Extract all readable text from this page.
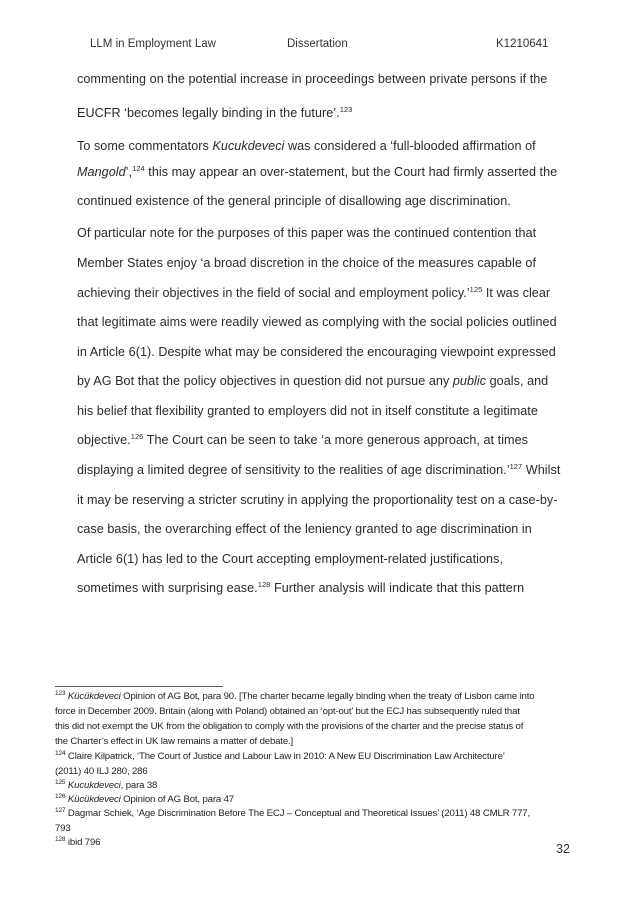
LLM in Employment Law	Dissertation	K1210641
commenting on the potential increase in proceedings between private persons if the
EUCFR ‘becomes legally binding in the future’.$^{123}$
To some commentators Kucukdeveci was considered a ‘full-blooded affirmation of
Mangold’,$^{124}$ this may appear an over-statement, but the Court had firmly asserted the
continued existence of the general principle of disallowing age discrimination.
Of particular note for the purposes of this paper was the continued contention that
Member States enjoy ‘a broad discretion in the choice of the measures capable of
achieving their objectives in the field of social and employment policy.’$^{125}$ It was clear
that legitimate aims were readily viewed as complying with the social policies outlined
in Article 6(1). Despite what may be considered the encouraging viewpoint expressed
by AG Bot that the policy objectives in question did not pursue any public goals, and
his belief that flexibility granted to employers did not in itself constitute a legitimate
objective.$^{126}$ The Court can be seen to take ‘a more generous approach, at times
displaying a limited degree of sensitivity to the realities of age discrimination.’$^{127}$ Whilst
it may be reserving a stricter scrutiny in applying the proportionality test on a case-by-
case basis, the overarching effect of the leniency granted to age discrimination in
Article 6(1) has led to the Court accepting employment-related justifications,
sometimes with surprising ease.$^{128}$ Further analysis will indicate that this pattern
$^{123}$ Kücükdeveci Opinion of AG Bot, para 90. [The charter became legally binding when the treaty of Lisbon came into
force in December 2009. Britain (along with Poland) obtained an ‘opt-out’ but the ECJ has subsequently ruled that
this did not exempt the UK from the obligation to comply with the provisions of the charter and the precise status of
the Charter’s effect in UK law remains a matter of debate.]
$^{124}$ Claire Kilpatrick, ‘The Court of Justice and Labour Law in 2010: A New EU Discrimination Law Architecture’
(2011) 40 ILJ 280, 286
$^{125}$ Kucukdeveci, para 38
$^{126}$ Kücükdeveci Opinion of AG Bot, para 47
$^{127}$ Dagmar Schiek, ‘Age Discrimination Before The ECJ – Conceptual and Theoretical Issues’ (2011) 48 CMLR 777,
793
$^{128}$ ibid 796	32
